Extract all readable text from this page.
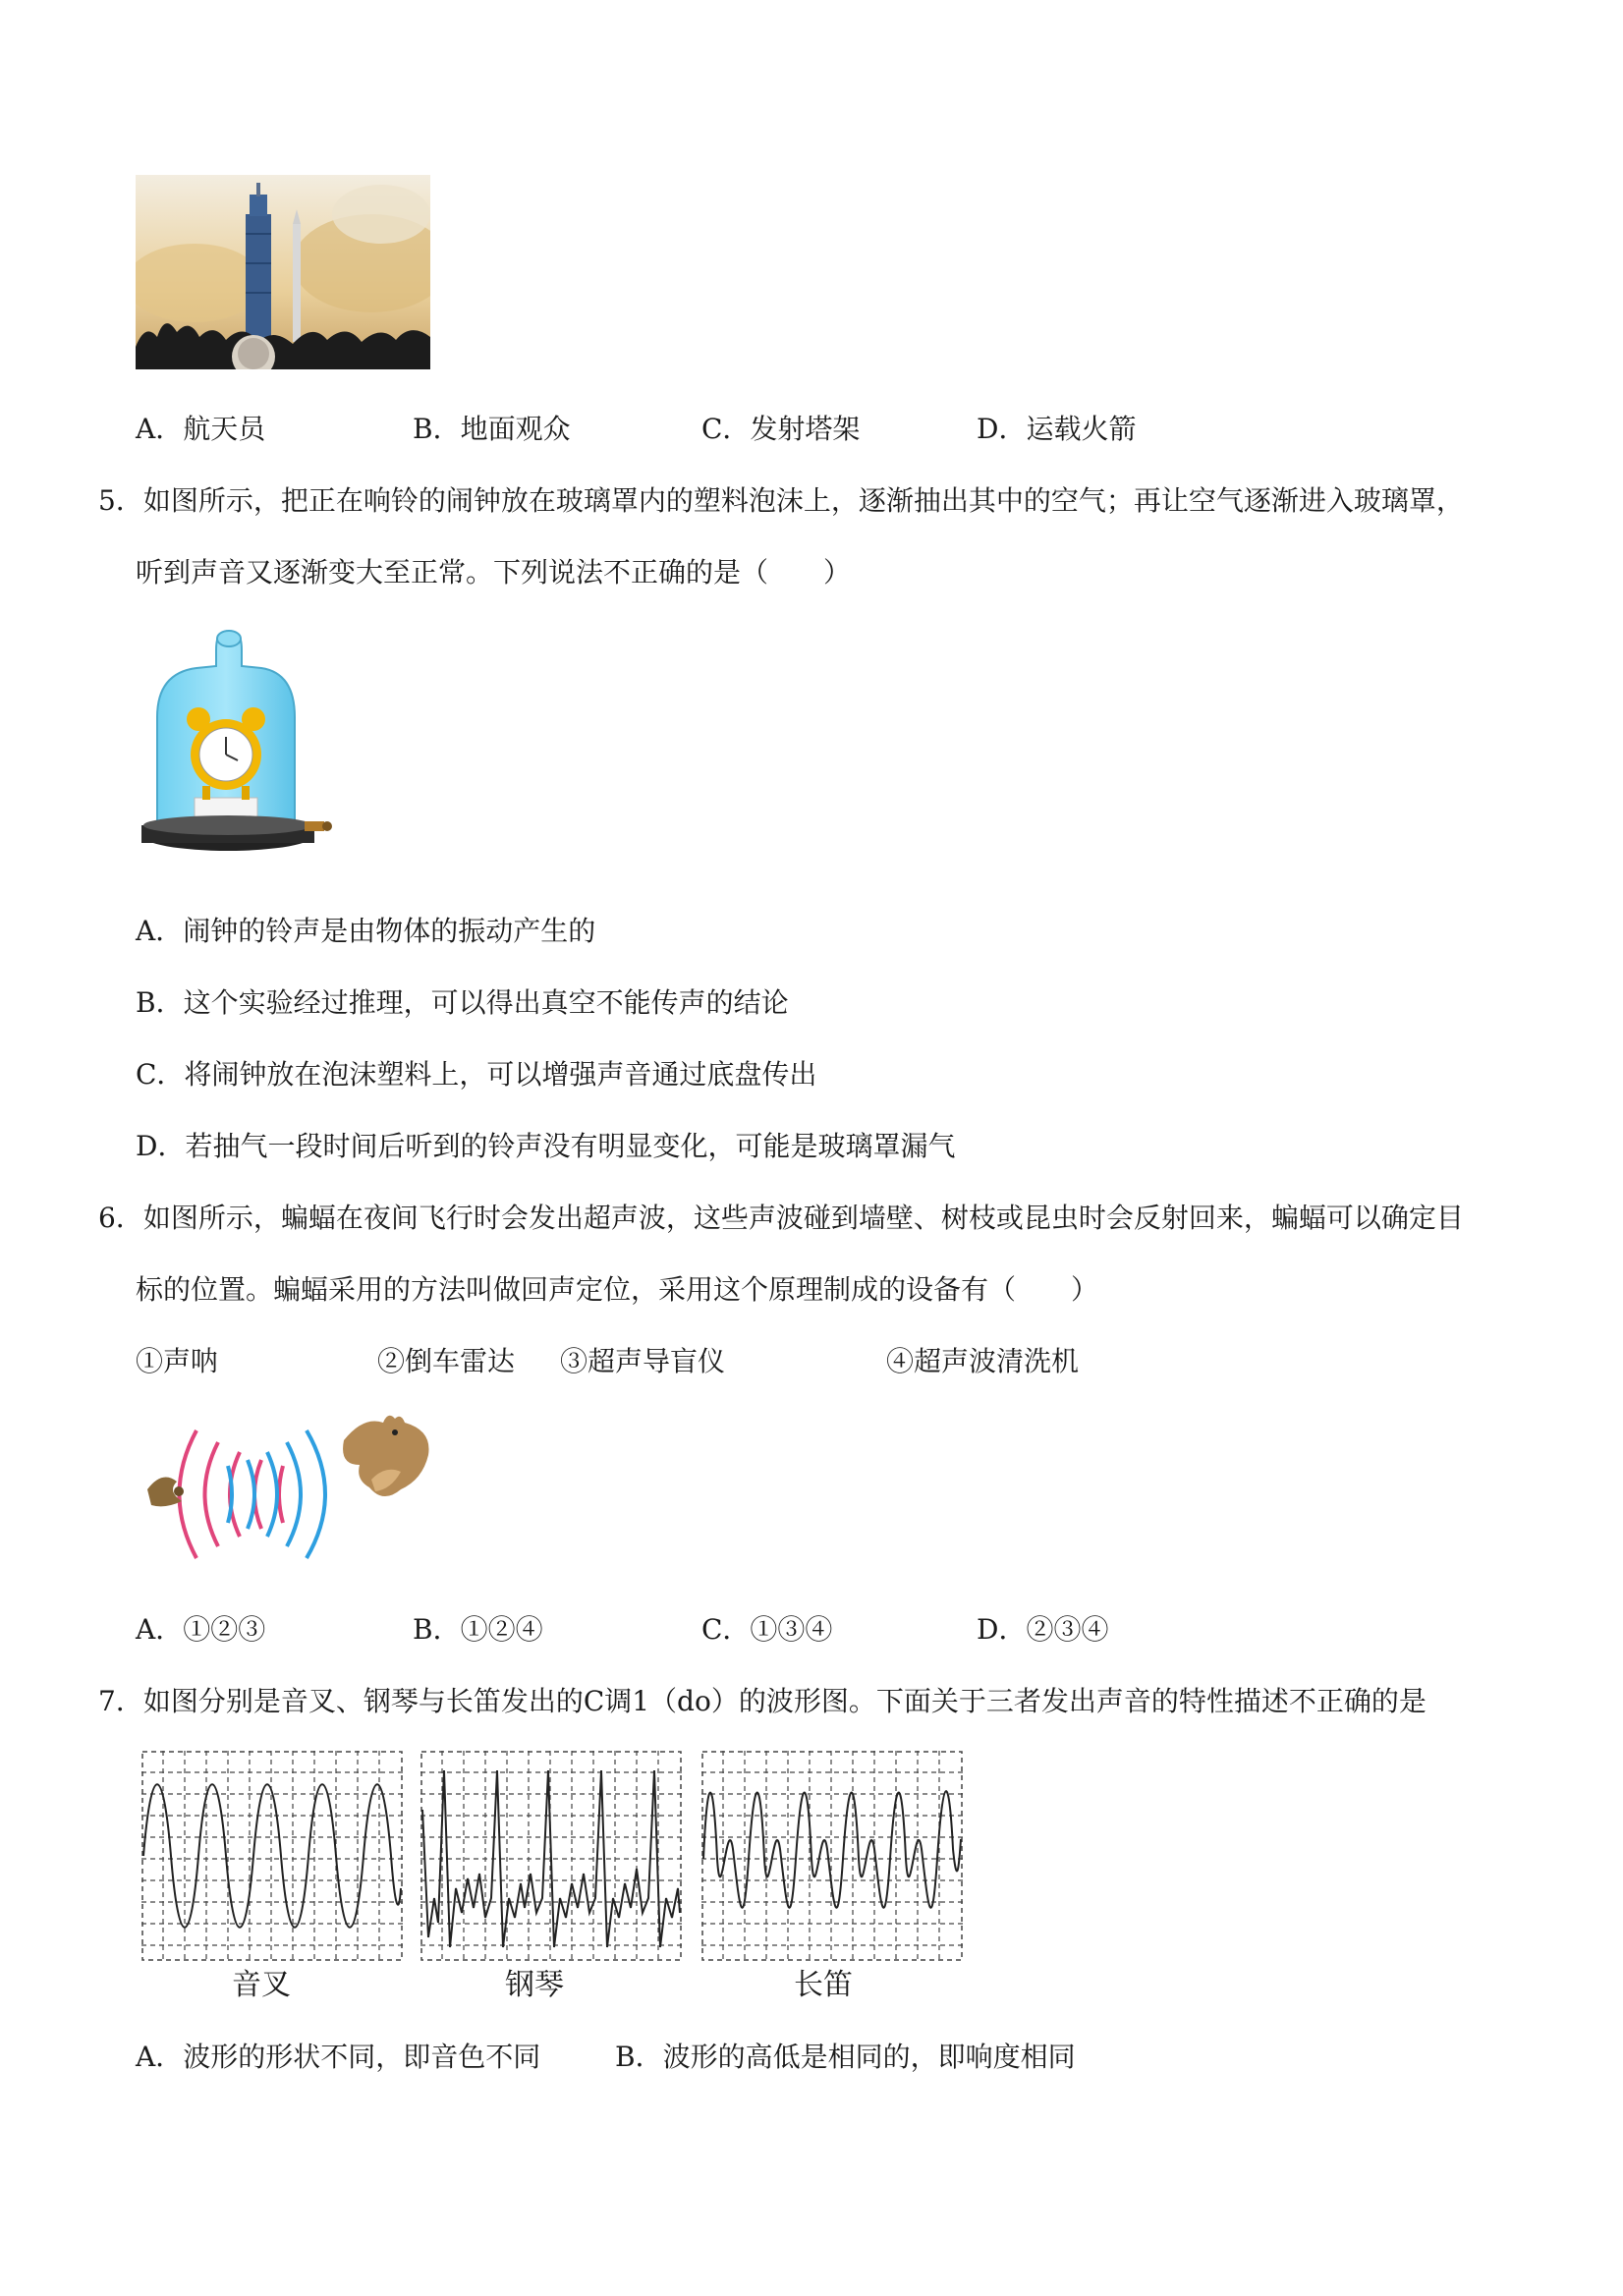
A．航天员	B．地面观众	C．发射塔架	D．运载火箭
5．如图所示，把正在响铃的闹钟放在玻璃罩内的塑料泡沫上，逐渐抽出其中的空气；再让空气逐渐进入玻璃罩，
听到声音又逐渐变大至正常。下列说法不正确的是（　　）
A．闹钟的铃声是由物体的振动产生的
B．这个实验经过推理，可以得出真空不能传声的结论
C．将闹钟放在泡沫塑料上，可以增强声音通过底盘传出
D．若抽气一段时间后听到的铃声没有明显变化，可能是玻璃罩漏气
6．如图所示，蝙蝠在夜间飞行时会发出超声波，这些声波碰到墙壁、树枝或昆虫时会反射回来，蝙蝠可以确定目
标的位置。蝙蝠采用的方法叫做回声定位，采用这个原理制成的设备有（　　）
①声呐	②倒车雷达 ③超声导盲仪	④超声波清洗机
A．①②③	B．①②④	C．①③④	D．②③④
7．如图分别是音叉、钢琴与长笛发出的C调1（do）的波形图。下面关于三者发出声音的特性描述不正确的是
音叉	钢琴	长笛
A．波形的形状不同，即音色不同	B．波形的高低是相同的，即响度相同
